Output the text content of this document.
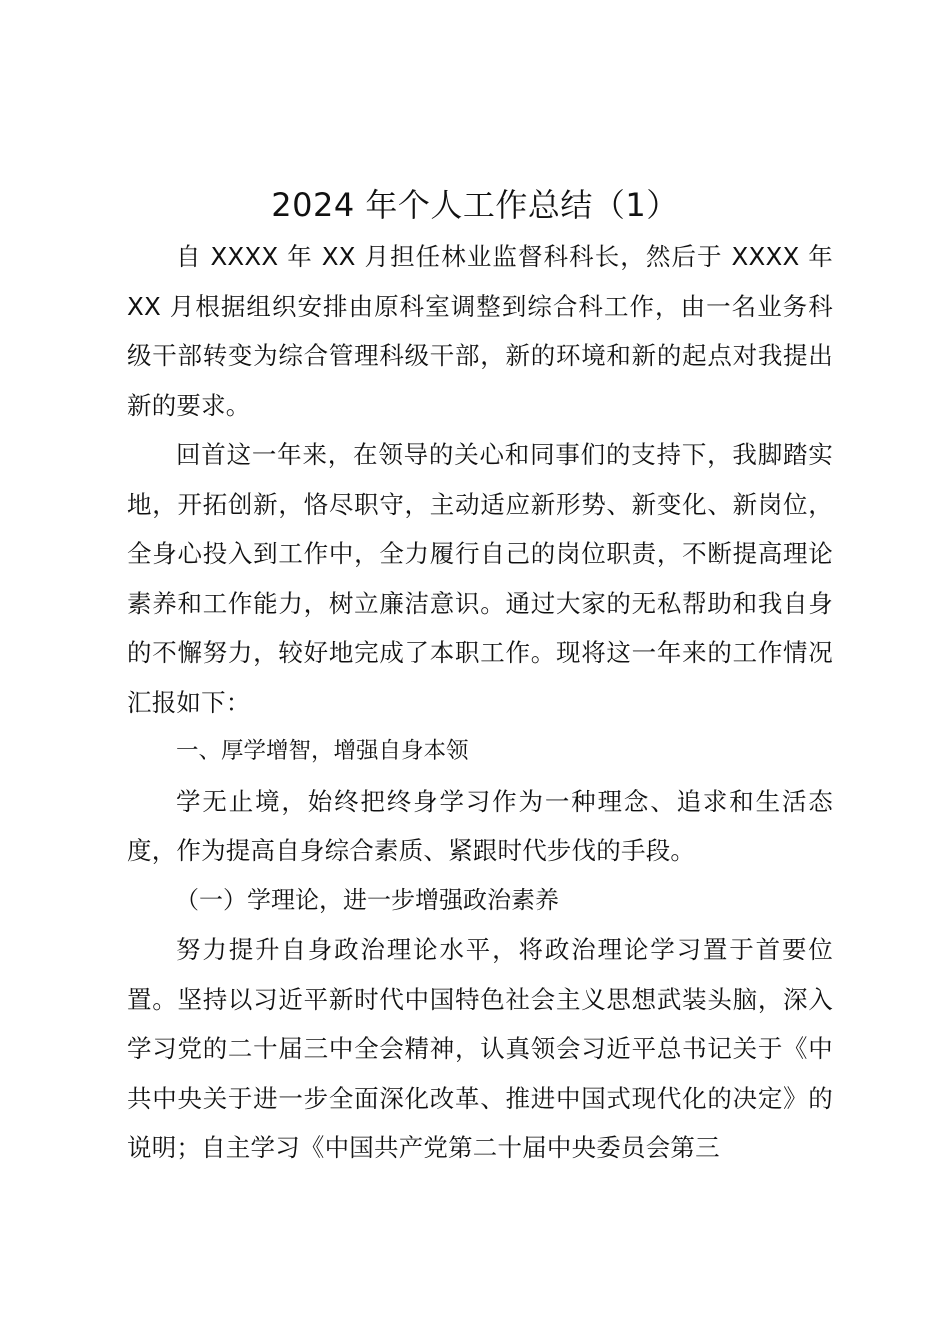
2024 年个人工作总结（1）

自 XXXX 年 XX 月担任林业监督科科长，然后于 XXXX 年 XX 月根据组织安排由原科室调整到综合科工作，由一名业务科级干部转变为综合管理科级干部，新的环境和新的起点对我提出新的要求。

回首这一年来，在领导的关心和同事们的支持下，我脚踏实地，开拓创新，恪尽职守，主动适应新形势、新变化、新岗位，全身心投入到工作中，全力履行自己的岗位职责，不断提高理论素养和工作能力，树立廉洁意识。通过大家的无私帮助和我自身的不懈努力，较好地完成了本职工作。现将这一年来的工作情况汇报如下：

一、厚学增智，增强自身本领

学无止境，始终把终身学习作为一种理念、追求和生活态度，作为提高自身综合素质、紧跟时代步伐的手段。

（一）学理论，进一步增强政治素养

努力提升自身政治理论水平，将政治理论学习置于首要位置。坚持以习近平新时代中国特色社会主义思想武装头脑，深入学习党的二十届三中全会精神，认真领会习近平总书记关于《中共中央关于进一步全面深化改革、推进中国式现代化的决定》的说明；自主学习《中国共产党第二十届中央委员会第三
